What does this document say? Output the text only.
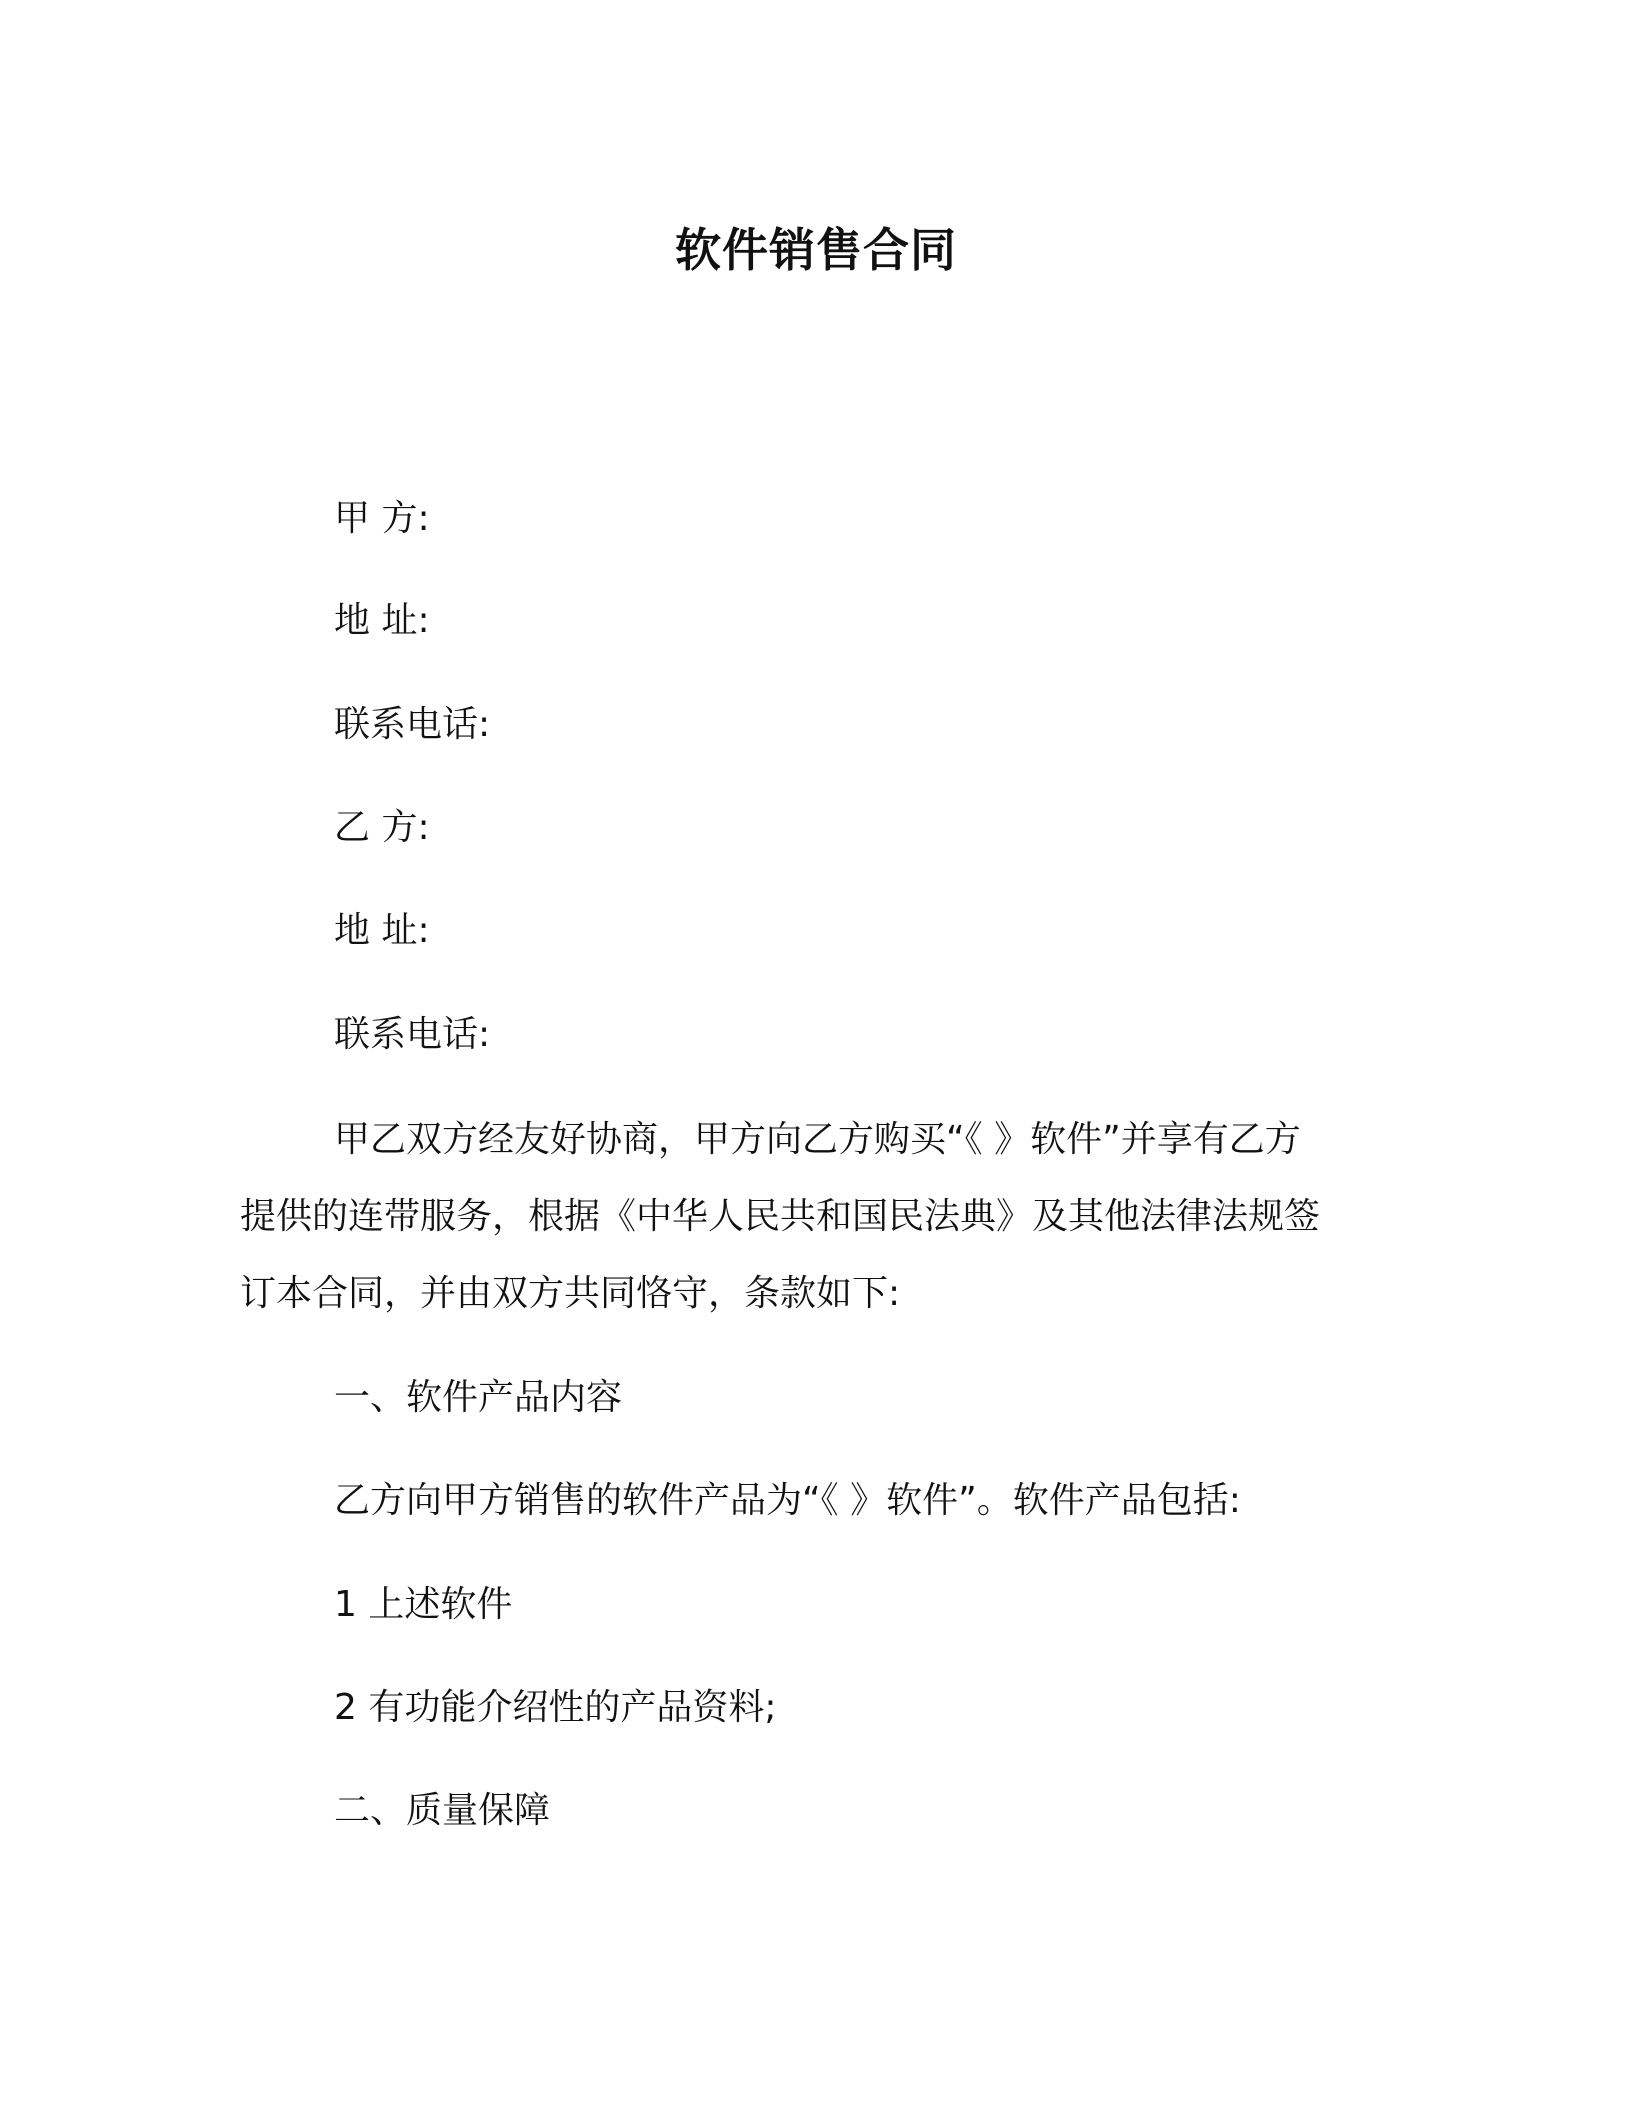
软件销售合同
甲 方:
地 址:
联系电话:
乙 方:
地 址:
联系电话:
甲乙双方经友好协商，甲方向乙方购买“《 》软件”并享有乙方
提供的连带服务，根据《中华人民共和国民法典》及其他法律法规签
订本合同，并由双方共同恪守，条款如下:
一、软件产品内容
乙方向甲方销售的软件产品为“《 》软件”。软件产品包括:
1 上述软件
2 有功能介绍性的产品资料;
二、质量保障
